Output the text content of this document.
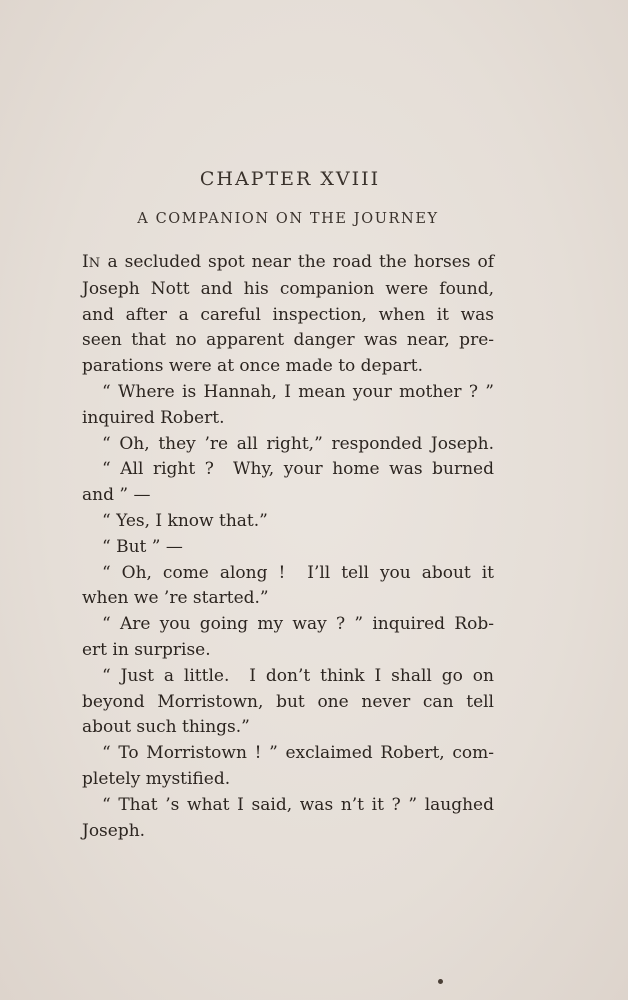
CHAPTER XVIII
A COMPANION ON THE JOURNEY
IN a secluded spot near the road the horses of
Joseph Nott and his companion were found,
and after a careful inspection, when it was
seen that no apparent danger was near, pre-
parations were at once made to depart.
“ Where is Hannah, I mean your mother ? ”
inquired Robert.
“ Oh, they ’re all right,” responded Joseph.
“ All right ?  Why, your home was burned
and ” —
“ Yes, I know that.”
“ But ” —
“ Oh, come along !  I’ll tell you about it
when we ’re started.”
“ Are you going my way ? ” inquired Rob-
ert in surprise.
“ Just a little.  I don’t think I shall go on
beyond Morristown, but one never can tell
about such things.”
“ To Morristown ! ” exclaimed Robert, com-
pletely mystified.
“ That ’s what I said, was n’t it ? ” laughed
Joseph.
